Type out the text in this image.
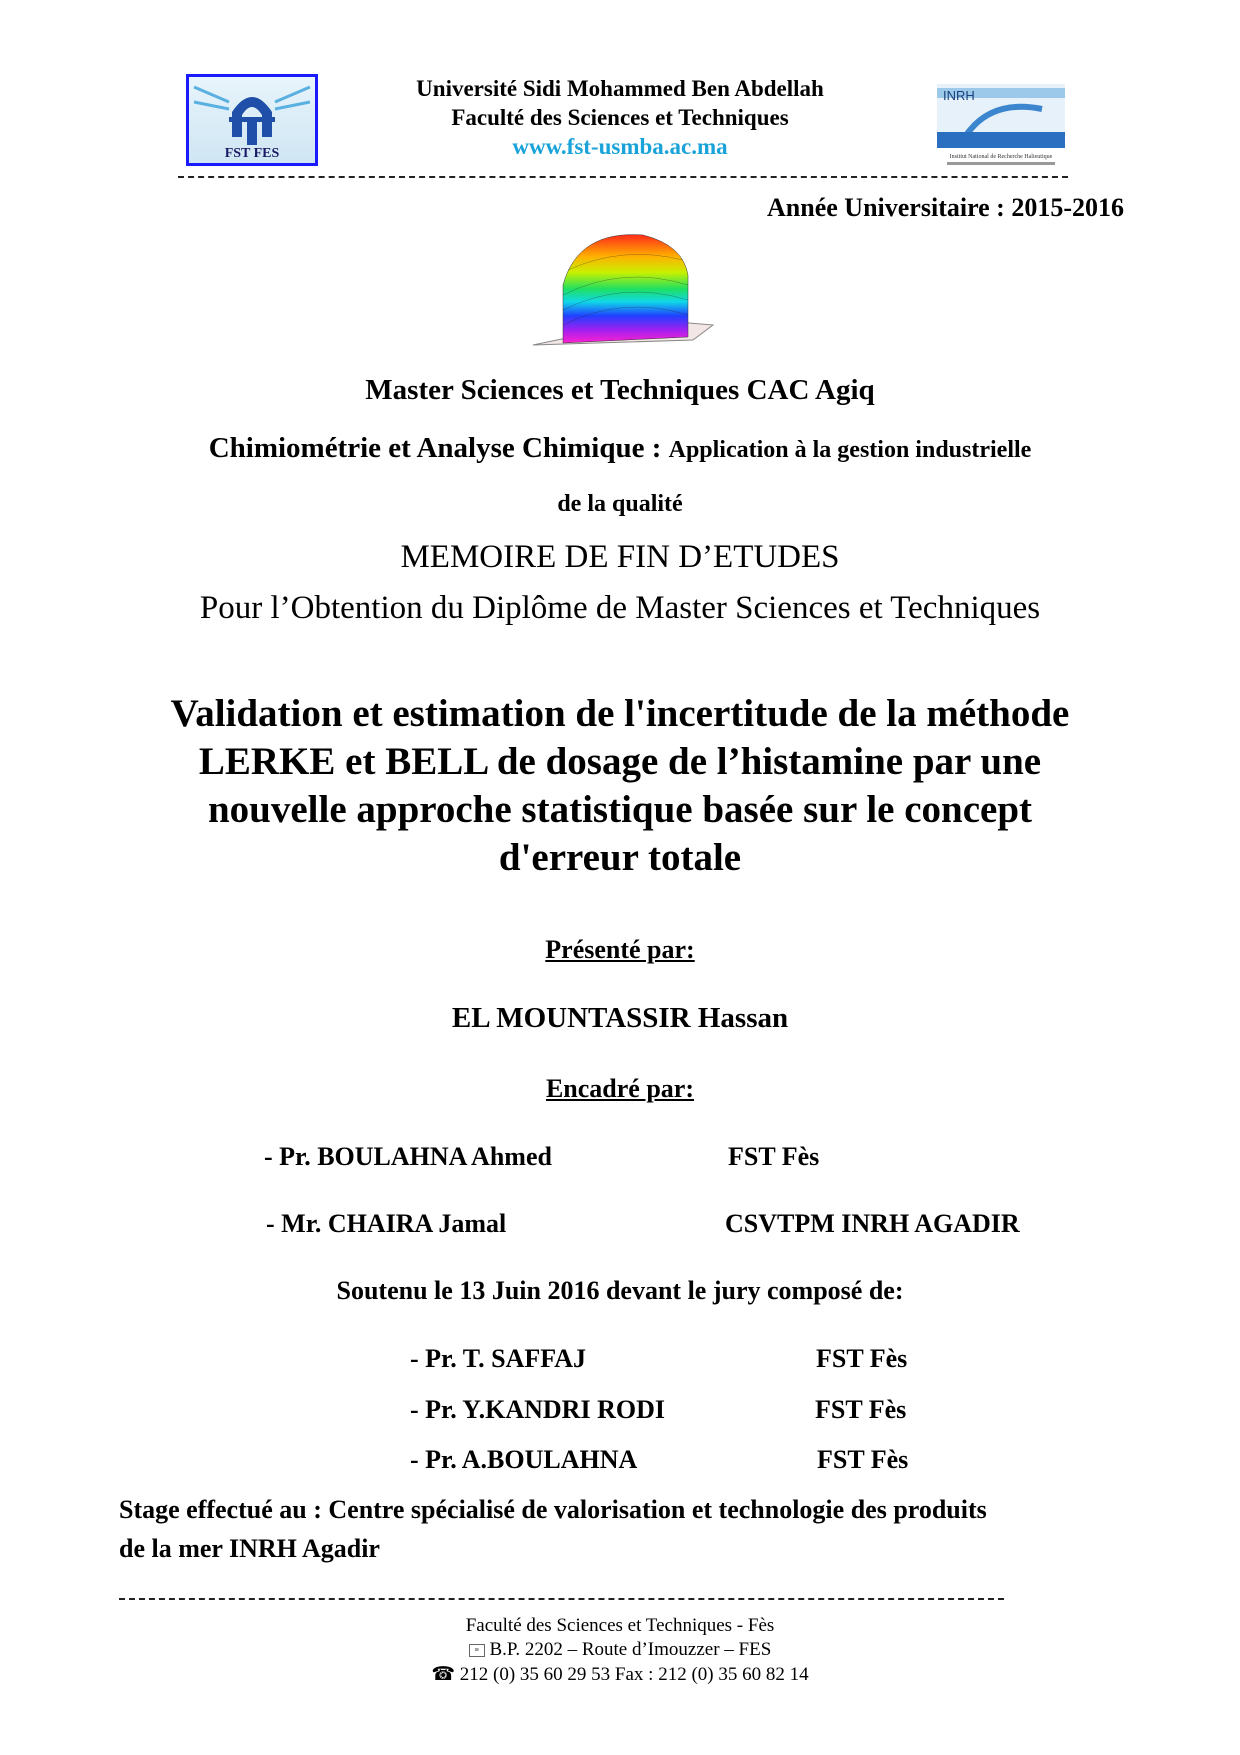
FST FES
Université Sidi Mohammed Ben Abdellah
Faculté des Sciences et Techniques
www.fst-usmba.ac.ma
INRH
Institut National de Recherche Halieutique
Année Universitaire : 2015-2016
Master Sciences et Techniques CAC Agiq
Chimiométrie et Analyse Chimique : Application à la gestion industrielle
de la qualité
MEMOIRE DE FIN D’ETUDES
Pour l’Obtention du Diplôme de Master Sciences et Techniques
Validation et estimation de l'incertitude de la méthode
LERKE et BELL de dosage de l’histamine par une
nouvelle approche statistique basée sur le concept
d'erreur totale
Présenté par:
EL MOUNTASSIR Hassan
Encadré par:
- Pr. BOULAHNA Ahmed	FST Fès
- Mr. CHAIRA Jamal	CSVTPM INRH AGADIR
Soutenu le 13 Juin 2016 devant le jury composé de:
- Pr. T. SAFFAJ	FST Fès
- Pr. Y.KANDRI RODI	FST Fès
- Pr. A.BOULAHNA	FST Fès
Stage effectué au : Centre spécialisé de valorisation et technologie des produits
de la mer INRH Agadir
Faculté des Sciences et Techniques - Fès
≡ B.P. 2202 – Route d’Imouzzer – FES
☎ 212 (0) 35 60 29 53 Fax : 212 (0) 35 60 82 14
